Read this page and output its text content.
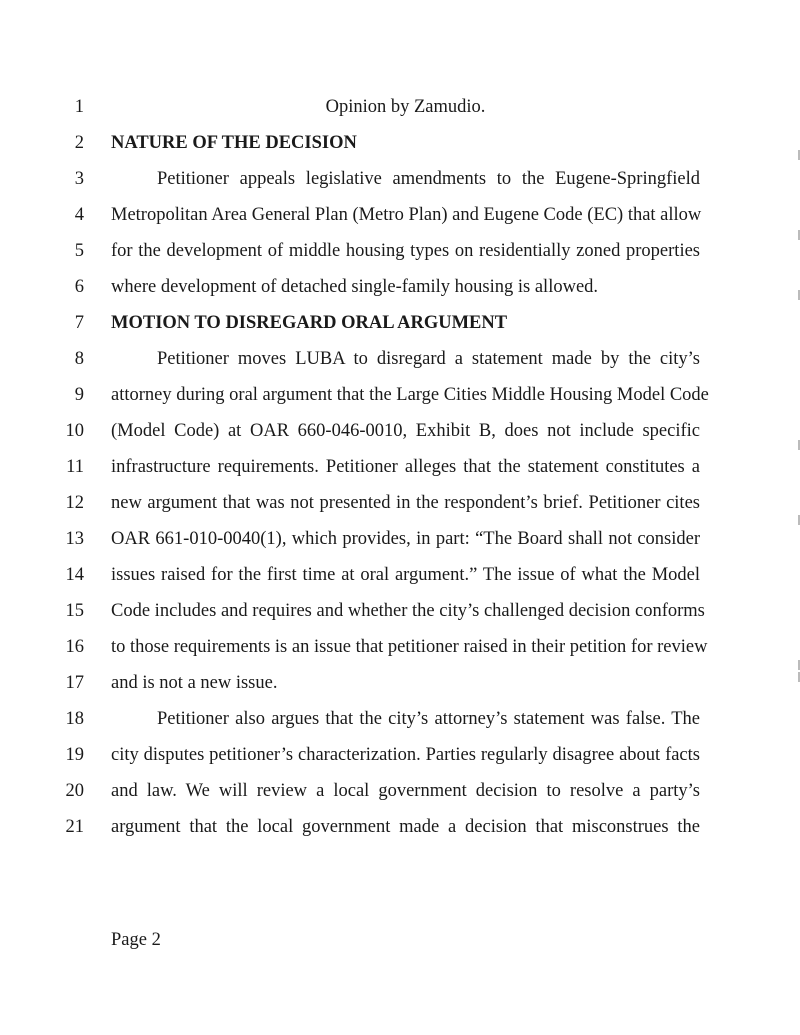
1	Opinion by Zamudio.
2 NATURE OF THE DECISION
3	Petitioner appeals legislative amendments to the Eugene-Springfield
4 Metropolitan Area General Plan (Metro Plan) and Eugene Code (EC) that allow
5 for the development of middle housing types on residentially zoned properties
6 where development of detached single-family housing is allowed.
7 MOTION TO DISREGARD ORAL ARGUMENT
8	Petitioner moves LUBA to disregard a statement made by the city’s
9 attorney during oral argument that the Large Cities Middle Housing Model Code
10 (Model Code) at OAR 660-046-0010, Exhibit B, does not include specific
11 infrastructure requirements. Petitioner alleges that the statement constitutes a
12 new argument that was not presented in the respondent’s brief. Petitioner cites
13 OAR 661-010-0040(1), which provides, in part: “The Board shall not consider
14 issues raised for the first time at oral argument.” The issue of what the Model
15 Code includes and requires and whether the city’s challenged decision conforms
16 to those requirements is an issue that petitioner raised in their petition for review
17 and is not a new issue.
18	Petitioner also argues that the city’s attorney’s statement was false. The
19 city disputes petitioner’s characterization. Parties regularly disagree about facts
20 and law. We will review a local government decision to resolve a party’s
21 argument that the local government made a decision that misconstrues the
Page 2
